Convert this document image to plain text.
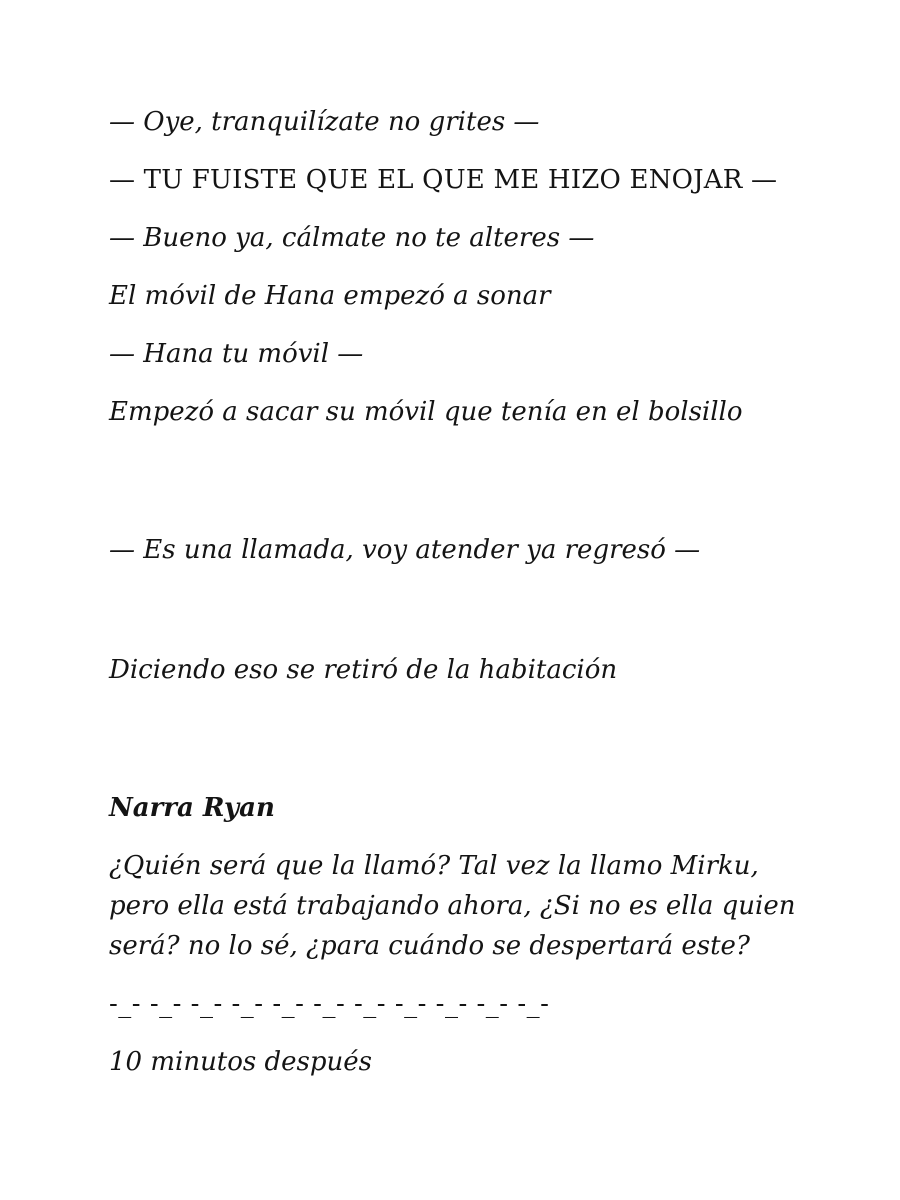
— Oye, tranquilízate no grites —

— TU FUISTE QUE EL QUE ME HIZO ENOJAR —

— Bueno ya, cálmate no te alteres —

El móvil de Hana empezó a sonar

— Hana tu móvil —

Empezó a sacar su móvil que tenía en el bolsillo

— Es una llamada, voy atender ya regresó —

Diciendo eso se retiró de la habitación

Narra Ryan

¿Quién será que la llamó? Tal vez la llamo Mirku, pero ella está trabajando ahora, ¿Si no es ella quien será? no lo sé, ¿para cuándo se despertará este?

-_- -_- -_- -_- -_- -_- -_- -_- -_- -_- -_-

10 minutos después
